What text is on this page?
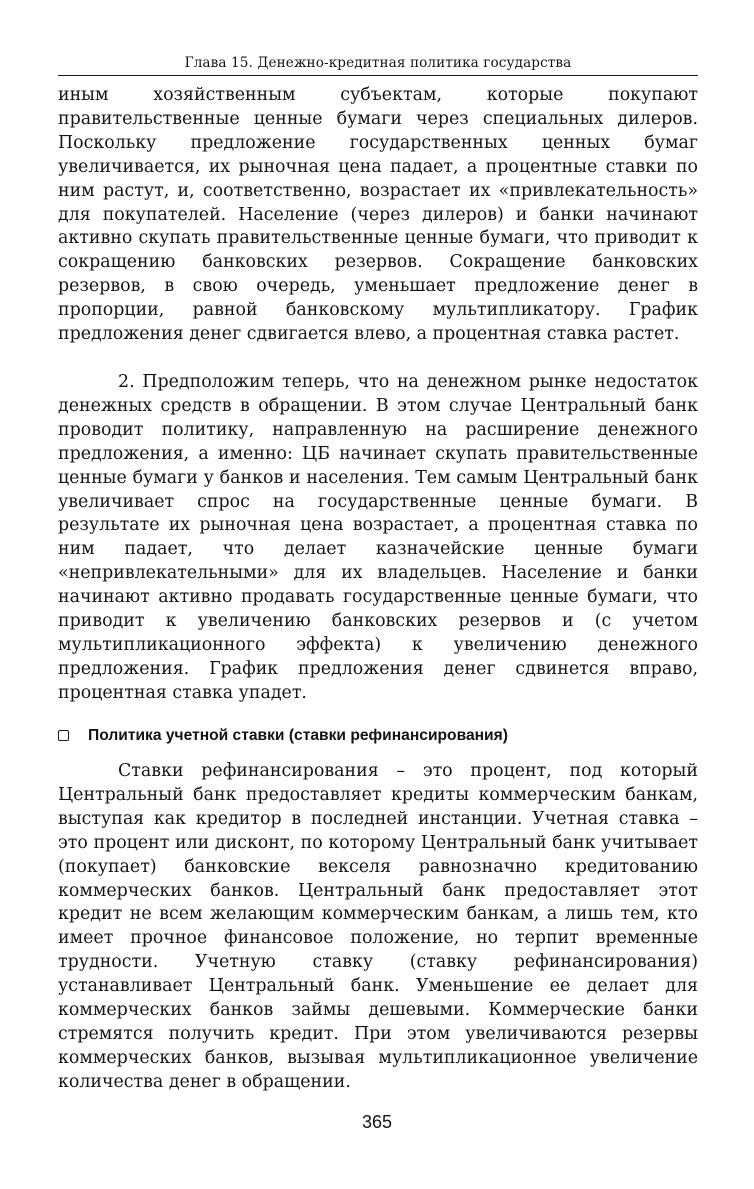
Глава 15. Денежно-кредитная политика государства

иным хозяйственным субъектам, которые покупают правительственные ценные бумаги через специальных дилеров. Поскольку предложение государственных ценных бумаг увеличивается, их рыночная цена падает, а процентные ставки по ним растут, и, соответственно, возрастает их «привлекательность» для покупателей. Население (через дилеров) и банки начинают активно скупать правительственные ценные бумаги, что приводит к сокращению банковских резервов. Сокращение банковских резервов, в свою очередь, уменьшает предложение денег в пропорции, равной банковскому мультипликатору. График предложения денег сдвигается влево, а процентная ставка растет.

2. Предположим теперь, что на денежном рынке недостаток денежных средств в обращении. В этом случае Центральный банк проводит политику, направленную на расширение денежного предложения, а именно: ЦБ начинает скупать правительственные ценные бумаги у банков и населения. Тем самым Центральный банк увеличивает спрос на государственные ценные бумаги. В результате их рыночная цена возрастает, а процентная ставка по ним падает, что делает казначейские ценные бумаги «непривлекательными» для их владельцев. Население и банки начинают активно продавать государственные ценные бумаги, что приводит к увеличению банковских резервов и (с учетом мультипликационного эффекта) к увеличению денежного предложения. График предложения денег сдвинется вправо, процентная ставка упадет.

Политика учетной ставки (ставки рефинансирования)

Ставки рефинансирования – это процент, под который Центральный банк предоставляет кредиты коммерческим банкам, выступая как кредитор в последней инстанции. Учетная ставка – это процент или дисконт, по которому Центральный банк учитывает (покупает) банковские векселя равнозначно кредитованию коммерческих банков. Центральный банк предоставляет этот кредит не всем желающим коммерческим банкам, а лишь тем, кто имеет прочное финансовое положение, но терпит временные трудности. Учетную ставку (ставку рефинансирования) устанавливает Центральный банк. Уменьшение ее делает для коммерческих банков займы дешевыми. Коммерческие банки стремятся получить кредит. При этом увеличиваются резервы коммерческих банков, вызывая мультипликационное увеличение количества денег в обращении.

365
